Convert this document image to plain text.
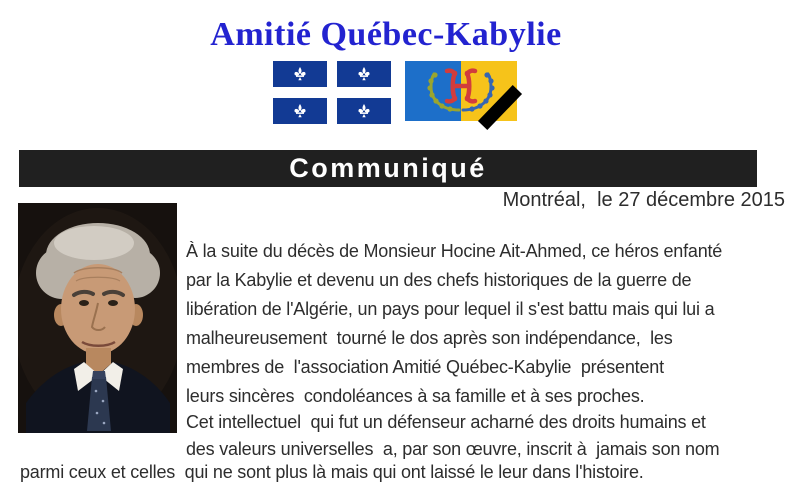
Amitié Québec-Kabylie
Communiqué
Montréal,  le 27 décembre 2015
À la suite du décès de Monsieur Hocine Ait-Ahmed, ce héros enfanté
par la Kabylie et devenu un des chefs historiques de la guerre de
libération de l'Algérie, un pays pour lequel il s'est battu mais qui lui a
malheureusement  tourné le dos après son indépendance,  les
membres de  l'association Amitié Québec-Kabylie  présentent
leurs sincères  condoléances à sa famille et à ses proches.
Cet intellectuel  qui fut un défenseur acharné des droits humains et
des valeurs universelles  a, par son œuvre, inscrit à  jamais son nom
parmi ceux et celles  qui ne sont plus là mais qui ont laissé le leur dans l'histoire.
